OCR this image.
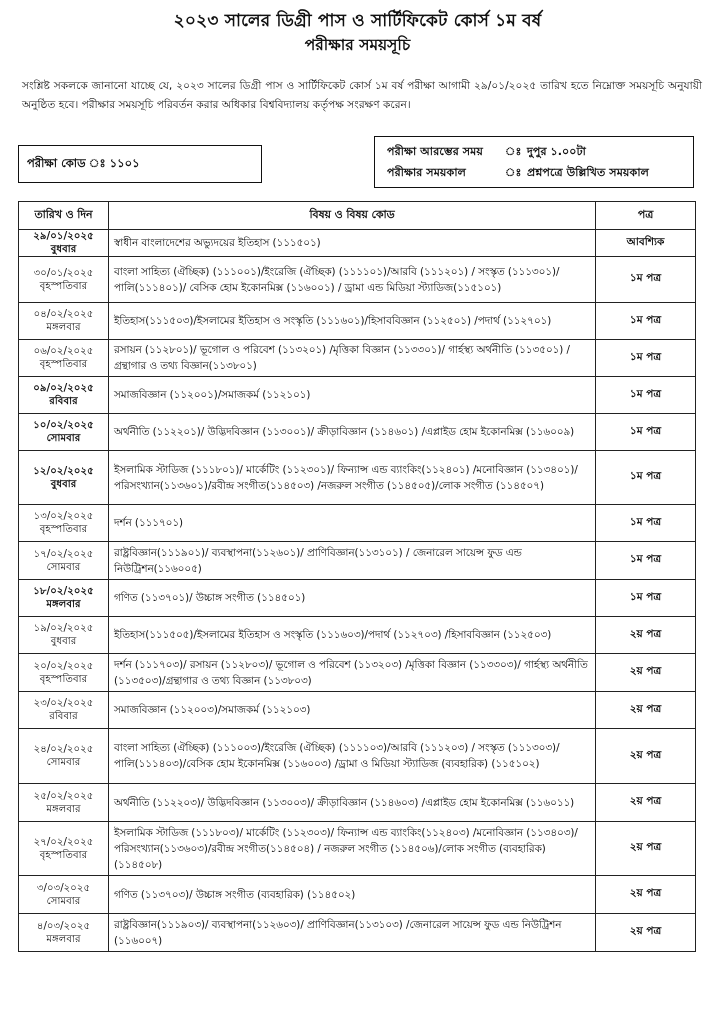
২০২৩ সালের ডিগ্রী পাস ও সার্টিফিকেট কোর্স ১ম বর্ষ
পরীক্ষার সময়সূচি
সংশ্লিষ্ট সকলকে জানানো যাচ্ছে যে, ২০২৩ সালের ডিগ্রী পাস ও সার্টিফিকেট কোর্স ১ম বর্ষ পরীক্ষা আগামী ২৯/০১/২০২৫ তারিখ হতে নিম্নোক্ত সময়সূচি অনুযায়ী অনুষ্ঠিত হবে। পরীক্ষার সময়সূচি পরিবর্তন করার অধিকার বিশ্ববিদ্যালয় কর্তৃপক্ষ সংরক্ষণ করেন।
পরীক্ষা কোড ঃ ১১০১
পরীক্ষা আরম্ভের সময়	ঃ দুপুর ১.০০টা
পরীক্ষার সময়কাল	ঃ প্রশ্নপত্রে উল্লিখিত সময়কাল
তারিখ ও দিন	বিষয় ও বিষয় কোড	পত্র

২৯/০১/২০২৫
বুধবার	স্বাধীন বাংলাদেশের অভ্যুদয়ের ইতিহাস (১১১৫০১)	আবশ্যিক

৩০/০১/২০২৫
বৃহস্পতিবার	বাংলা সাহিত্য (ঐচ্ছিক) (১১১০০১)/ইংরেজি (ঐচ্ছিক) (১১১১০১)/আরবি (১১১২০১) / সংস্কৃত (১১১৩০১)/ পালি(১১১৪০১)/ বেসিক হোম ইকোনমিক্স (১১৬০০১) / ড্রামা এন্ড মিডিয়া স্ট্যাডিজ(১১৫১০১)	১ম পত্র

০৪/০২/২০২৫
মঙ্গলবার	ইতিহাস(১১১৫০৩)/ইসলামের ইতিহাস ও সংস্কৃতি (১১১৬০১)/হিসাববিজ্ঞান (১১২৫০১) /পদার্থ (১১২৭০১)	১ম পত্র

০৬/০২/২০২৫
বৃহস্পতিবার	রসায়ন (১১২৮০১)/ ভূগোল ও পরিবেশ (১১৩২০১) /মৃত্তিকা বিজ্ঞান (১১৩৩০১)/ গার্হস্থ্য অর্থনীতি (১১৩৫০১) / গ্রন্থাগার ও তথ্য বিজ্ঞান(১১৩৮০১)	১ম পত্র

০৯/০২/২০২৫
রবিবার	সমাজবিজ্ঞান (১১২০০১)/সমাজকর্ম (১১২১০১)	১ম পত্র

১০/০২/২০২৫
সোমবার	অর্থনীতি (১১২২০১)/ উদ্ভিদবিজ্ঞান (১১৩০০১)/ ক্রীড়াবিজ্ঞান (১১৪৬০১) /এপ্লাইড হোম ইকোনমিক্স (১১৬০০৯)	১ম পত্র

১২/০২/২০২৫
বুধবার	ইসলামিক স্টাডিজ (১১১৮০১)/ মার্কেটিং (১১২৩০১)/ ফিন্যান্স এন্ড ব্যাংকিং(১১২৪০১) /মনোবিজ্ঞান (১১৩৪০১)/পরিসংখ্যান(১১৩৬০১)/রবীন্দ্র সংগীত(১১৪৫০৩) /নজরুল সংগীত (১১৪৫০৫)/লোক সংগীত (১১৪৫০৭)	১ম পত্র

১৩/০২/২০২৫
বৃহস্পতিবার	দর্শন (১১১৭০১)	১ম পত্র

১৭/০২/২০২৫
সোমবার	রাষ্ট্রবিজ্ঞান(১১১৯০১)/ ব্যবস্থাপনা(১১২৬০১)/ প্রাণিবিজ্ঞান(১১৩১০১) / জেনারেল সায়েন্স ফুড এন্ড নিউট্রিশন(১১৬০০৫)	১ম পত্র

১৮/০২/২০২৫
মঙ্গলবার	গণিত (১১৩৭০১)/ উচ্চাঙ্গ সংগীত (১১৪৫০১)	১ম পত্র

১৯/০২/২০২৫
বুধবার	ইতিহাস(১১১৫০৫)/ইসলামের ইতিহাস ও সংস্কৃতি (১১১৬০৩)/পদার্থ (১১২৭০৩) /হিসাববিজ্ঞান (১১২৫০৩)	২য় পত্র

২০/০২/২০২৫
বৃহস্পতিবার	দর্শন (১১১৭০৩)/ রসায়ন (১১২৮০৩)/ ভূগোল ও পরিবেশ (১১৩২০৩) /মৃত্তিকা বিজ্ঞান (১১৩৩০৩)/ গার্হস্থ্য অর্থনীতি (১১৩৫০৩)/গ্রন্থাগার ও তথ্য বিজ্ঞান (১১৩৮০৩)	২য় পত্র

২৩/০২/২০২৫
রবিবার	সমাজবিজ্ঞান (১১২০০৩)/সমাজকর্ম (১১২১০৩)	২য় পত্র

২৪/০২/২০২৫
সোমবার	বাংলা সাহিত্য (ঐচ্ছিক) (১১১০০৩)/ইংরেজি (ঐচ্ছিক) (১১১১০৩)/আরবি (১১১২০৩) / সংস্কৃত (১১১৩০৩)/ পালি(১১১৪০৩)/বেসিক হোম ইকোনমিক্স (১১৬০০৩) /ড্রামা ও মিডিয়া স্ট্যাডিজ (ব্যবহারিক) (১১৫১০২)	২য় পত্র

২৫/০২/২০২৫
মঙ্গলবার	অর্থনীতি (১১২২০৩)/ উদ্ভিদবিজ্ঞান (১১৩০০৩)/ ক্রীড়াবিজ্ঞান (১১৪৬০৩) /এপ্লাইড হোম ইকোনমিক্স (১১৬০১১)	২য় পত্র

২৭/০২/২০২৫
বৃহস্পতিবার	ইসলামিক স্টাডিজ (১১১৮০৩)/ মার্কেটিং (১১২৩০৩)/ ফিন্যান্স এন্ড ব্যাংকিং(১১২৪০৩) /মনোবিজ্ঞান (১১৩৪০৩)/ পরিসংখ্যান(১১৩৬০৩)/রবীন্দ্র সংগীত(১১৪৫০৪) / নজরুল সংগীত (১১৪৫০৬)/লোক সংগীত (ব্যবহারিক) (১১৪৫০৮)	২য় পত্র

৩/০৩/২০২৫
সোমবার	গণিত (১১৩৭০৩)/ উচ্চাঙ্গ সংগীত (ব্যবহারিক) (১১৪৫০২)	২য় পত্র

৪/০৩/২০২৫
মঙ্গলবার	রাষ্ট্রবিজ্ঞান(১১১৯০৩)/ ব্যবস্থাপনা(১১২৬০৩)/ প্রাণিবিজ্ঞান(১১৩১০৩) /জেনারেল সায়েন্স ফুড এন্ড নিউট্রিশন (১১৬০০৭)	২য় পত্র
